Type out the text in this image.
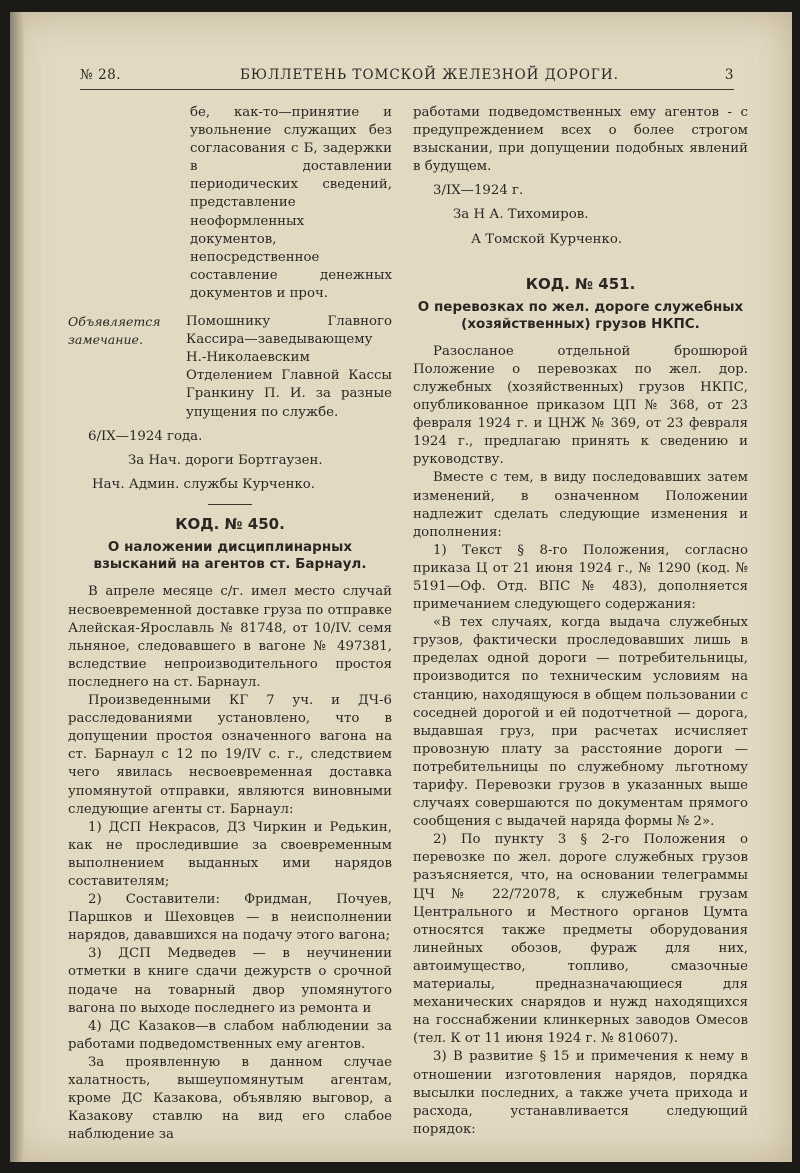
№ 28.	БЮЛЛЕТЕНЬ ТОМСКОЙ ЖЕЛЕЗНОЙ ДОРОГИ.	3

бе, как-то—принятие и увольнение служащих без согласования с Б, задержки в доставлении периодических сведений, представление неоформленных документов, непосредственное составление денежных документов и проч.

Объявляется замечание.
Помошнику Главного Кассира—заведывающему Н.-Николаевским Отделением Главной Кассы Гранкину П. И. за разные упущения по службе.

6/IX—1924 года.

За Нач. дороги Бортгаузен.

Нач. Админ. службы Курченко.

КОД. № 450.

О наложении дисциплинарных взысканий на агентов ст. Барнаул.

В апреле месяце с/г. имел место случай несвоевременной доставке груза по отправке Алейская-Ярославль № 81748, от 10/IV. семя льняное, следовавшего в вагоне № 497381, вследствие непроизводительного простоя последнего на ст. Барнаул.

Произведенными КГ 7 уч. и ДЧ-6 расследованиями установлено, что в допущении простоя означенного вагона на ст. Барнаул с 12 по 19/IV с. г., следствием чего явилась несвоевременная доставка упомянутой отправки, являются виновными следующие агенты ст. Барнаул:

1) ДСП Некрасов, ДЗ Чиркин и Редькин, как не проследившие за своевременным выполнением выданных ими нарядов составителям;

2) Составители: Фридман, Почуев, Паршков и Шеховцев — в неисполнении нарядов, дававшихся на подачу этого вагона;

3) ДСП Медведев — в неучинении отметки в книге сдачи дежурств о срочной подаче на товарный двор упомянутого вагона по выходе последнего из ремонта и

4) ДС Казаков—в слабом наблюдении за работами подведомственных ему агентов.

За проявленную в данном случае халатность, вышеупомянутым агентам, кроме ДС Казакова, объявляю выговор, а Казакову ставлю на вид его слабое наблюдение за

работами подведомственных ему агентов - с предупреждением всех о более строгом взыскании, при допущении подобных явлений в будущем.

3/IX—1924 г.

За Н А. Тихомиров.

А Томской Курченко.

КОД. № 451.

О перевозках по жел. дороге служебных (хозяйственных) грузов НКПС.

Разосланое отдельной брошюрой Положение о перевозках по жел. дор. служебных (хозяйственных) грузов НКПС, опубликованное приказом ЦП № 368, от 23 февраля 1924 г. и ЦНЖ № 369, от 23 февраля 1924 г., предлагаю принять к сведению и руководству.

Вместе с тем, в виду последовавших затем изменений, в означенном Положении надлежит сделать следующие изменения и дополнения:

1) Текст § 8-го Положения, согласно приказа Ц от 21 июня 1924 г., № 1290 (код. № 5191—Оф. Отд. ВПС № 483), дополняется примечанием следующего содержания:

«В тех случаях, когда выдача служебных грузов, фактически проследовавших лишь в пределах одной дороги — потребительницы, производится по техническим условиям на станцию, находящуюся в общем пользовании с соседней дорогой и ей подотчетной — дорога, выдавшая груз, при расчетах исчисляет провозную плату за расстояние дороги — потребительницы по служебному льготному тарифу. Перевозки грузов в указанных выше случаях совершаются по документам прямого сообщения с выдачей наряда формы № 2».

2) По пункту 3 § 2-го Положения о перевозке по жел. дороге служебных грузов разъясняется, что, на основании телеграммы ЦЧ № 22/72078, к служебным грузам Центрального и Местного органов Цумта относятся также предметы оборудования линейных обозов, фураж для них, автоимущество, топливо, смазочные материалы, предназначающиеся для механических снарядов и нужд находящихся на госснабжении клинкерных заводов Омесов (тел. К от 11 июня 1924 г. № 810607).

3) В развитие § 15 и примечения к нему в отношении изготовления нарядов, порядка высылки последних, а также учета прихода и расхода, устанавливается следующий порядок:
